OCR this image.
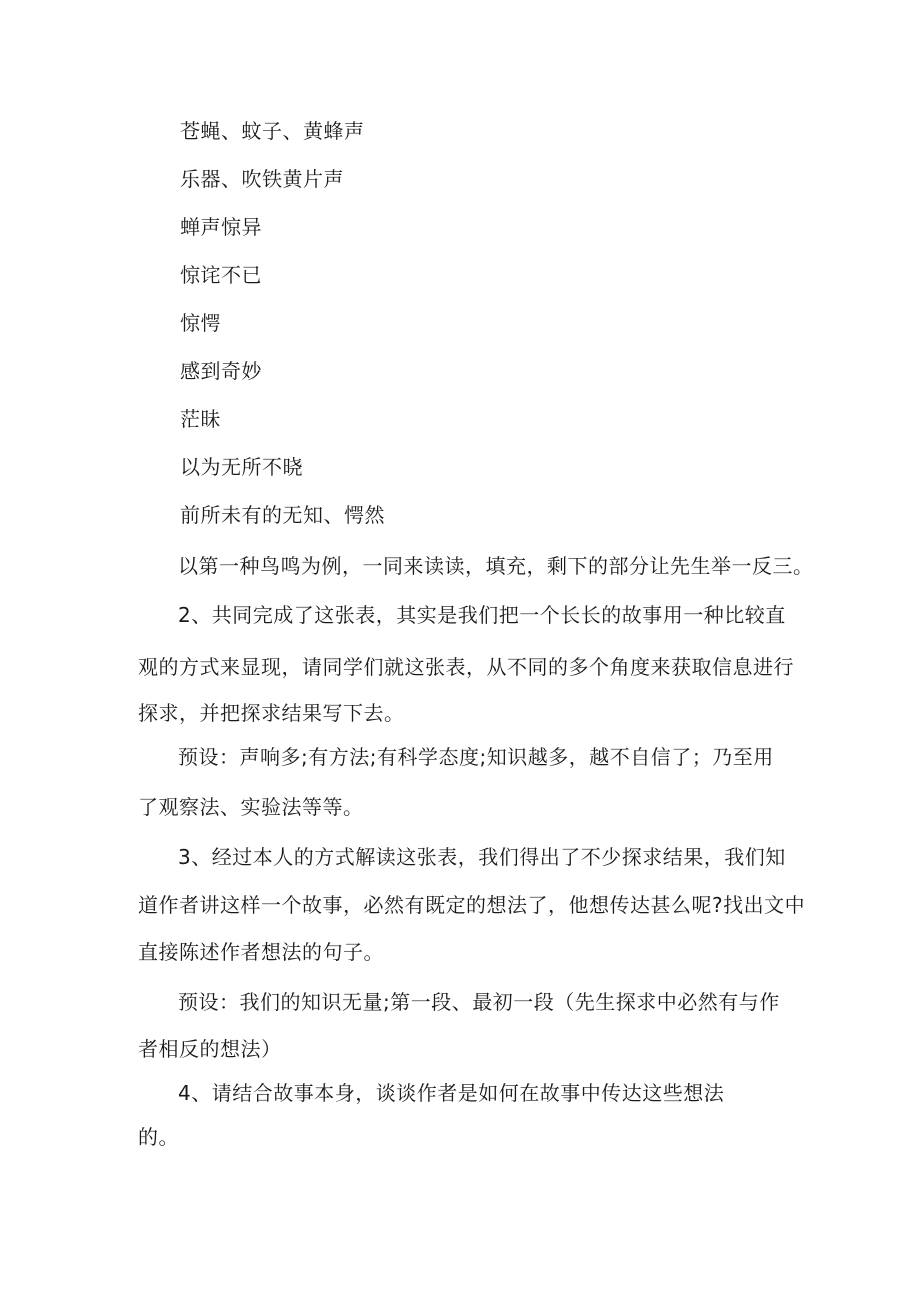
苍蝇、蚊子、黄蜂声
乐器、吹铁黄片声
蝉声惊异
惊诧不已
惊愕
感到奇妙
茫昧
以为无所不晓
前所未有的无知、愕然
以第一种鸟鸣为例，一同来读读，填充，剩下的部分让先生举一反三。
2、共同完成了这张表，其实是我们把一个长长的故事用一种比较直
观的方式来显现，请同学们就这张表，从不同的多个角度来获取信息进行
探求，并把探求结果写下去。
预设：声响多;有方法;有科学态度;知识越多，越不自信了；乃至用
了观察法、实验法等等。
3、经过本人的方式解读这张表，我们得出了不少探求结果，我们知
道作者讲这样一个故事，必然有既定的想法了，他想传达甚么呢?找出文中
直接陈述作者想法的句子。
预设：我们的知识无量;第一段、最初一段（先生探求中必然有与作
者相反的想法）
4、请结合故事本身，谈谈作者是如何在故事中传达这些想法
的。
